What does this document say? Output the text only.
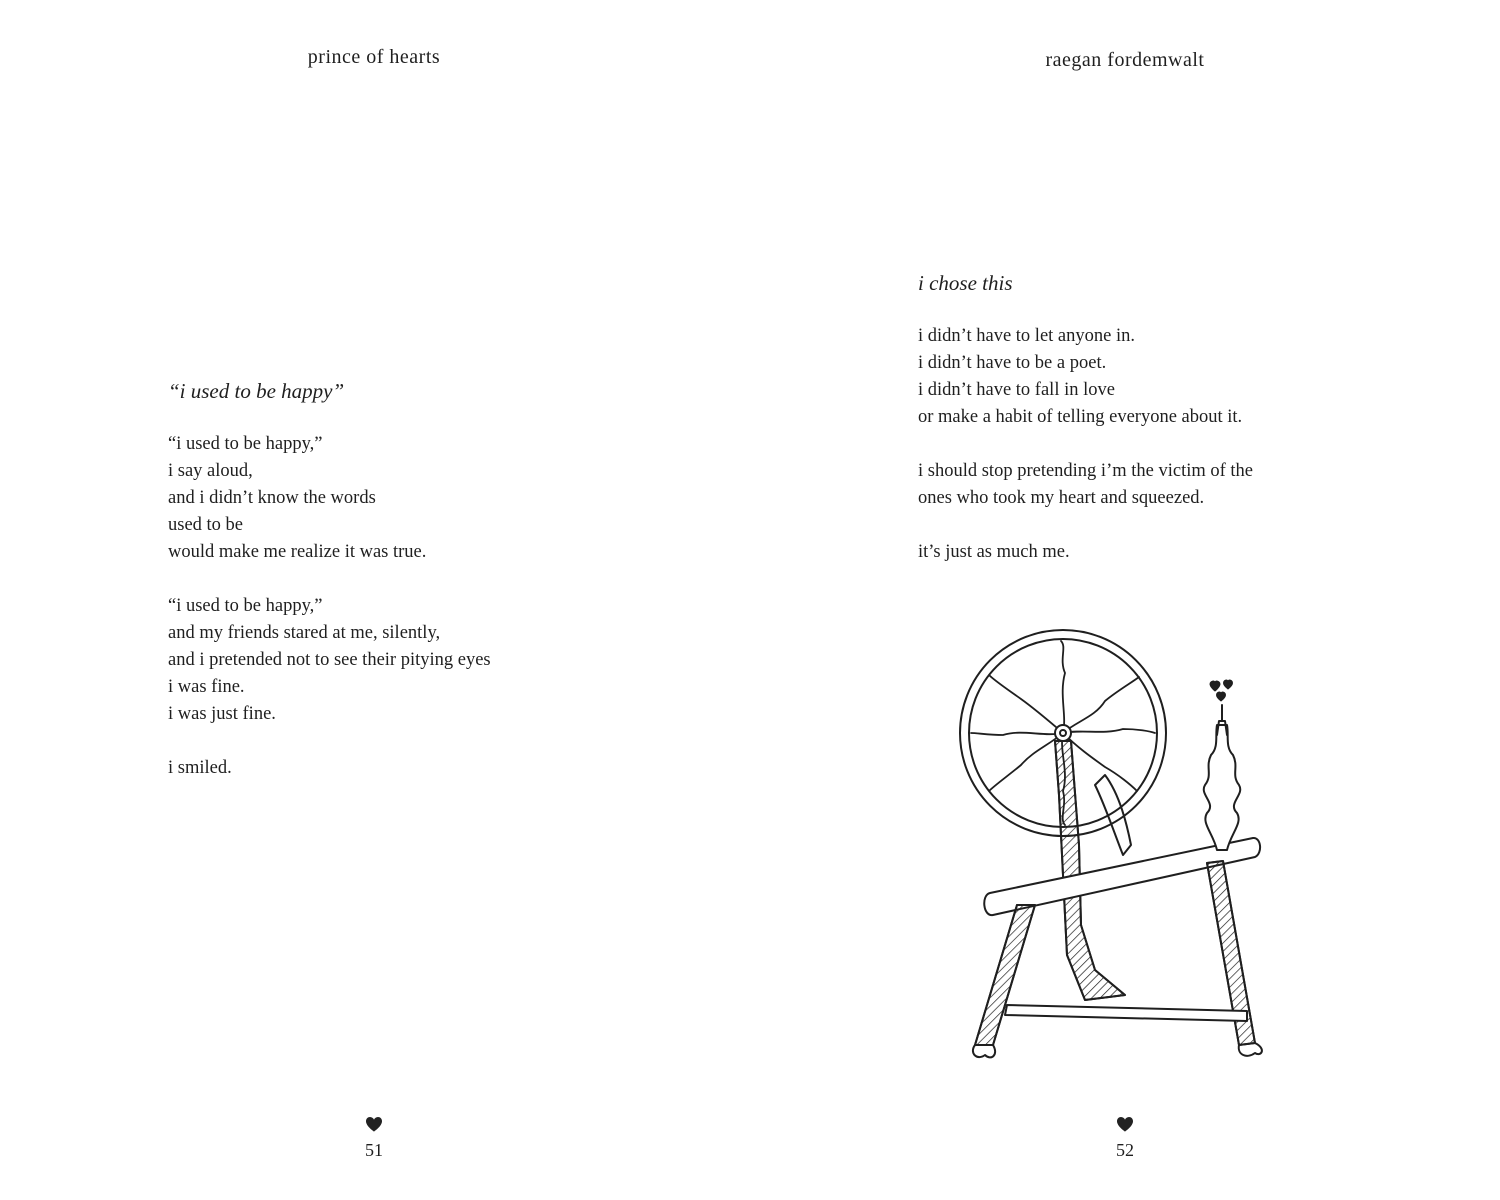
prince of hearts
“i used to be happy”
“i used to be happy,”
i say aloud,
and i didn’t know the words
used to be
would make me realize it was true.
“i used to be happy,”
and my friends stared at me, silently,
and i pretended not to see their pitying eyes
i was fine.
i was just fine.
i smiled.
51
raegan fordemwalt
i chose this
i didn’t have to let anyone in.
i didn’t have to be a poet.
i didn’t have to fall in love
or make a habit of telling everyone about it.
i should stop pretending i’m the victim of the
ones who took my heart and squeezed.
it’s just as much me.
52
